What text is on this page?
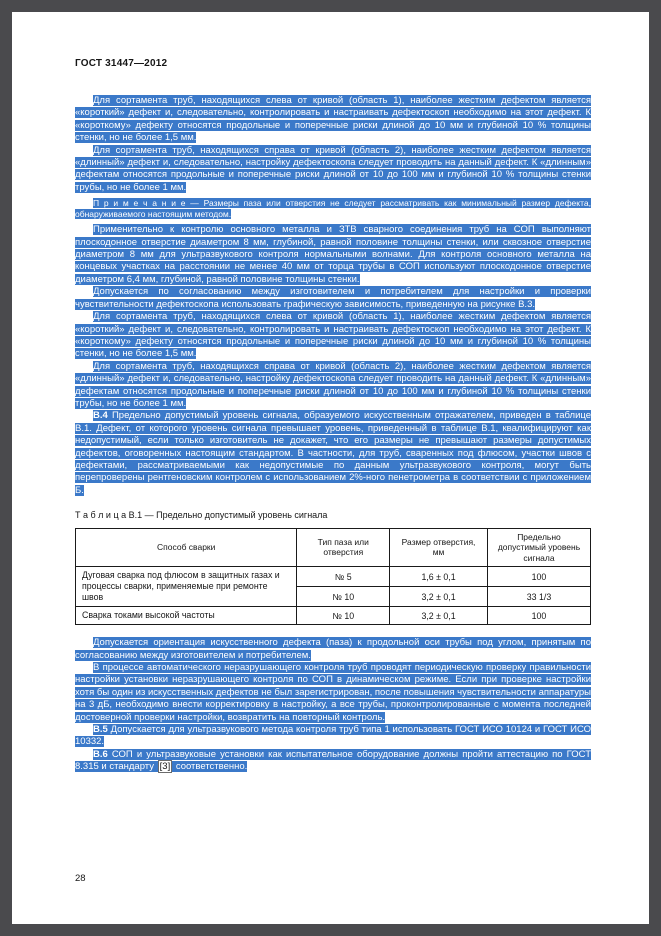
ГОСТ 31447—2012

Для сортамента труб, находящихся слева от кривой (область 1), наиболее жестким дефектом является «короткий» дефект и, следовательно, контролировать и настраивать дефектоскоп необходимо на этот дефект. К «короткому» дефекту относятся продольные и поперечные риски длиной до 10 мм и глубиной 10 % толщины стенки, но не более 1,5 мм.

Для сортамента труб, находящихся справа от кривой (область 2), наиболее жестким дефектом является «длинный» дефект и, следовательно, настройку дефектоскопа следует проводить на данный дефект. К «длинным» дефектам относятся продольные и поперечные риски длиной от 10 до 100 мм и глубиной 10 % толщины стенки трубы, но не более 1 мм.

П р и м е ч а н и е — Размеры паза или отверстия не следует рассматривать как минимальный размер дефекта, обнаруживаемого настоящим методом.

Применительно к контролю основного металла и ЗТВ сварного соединения труб на СОП выполняют плоскодонное отверстие диаметром 8 мм, глубиной, равной половине толщины стенки, или сквозное отверстие диаметром 8 мм для ультразвукового контроля нормальными волнами. Для контроля основного металла на концевых участках на расстоянии не менее 40 мм от торца трубы в СОП используют плоскодонное отверстие диаметром 6,4 мм, глубиной, равной половине толщины стенки.

Допускается по согласованию между изготовителем и потребителем для настройки и проверки чувствительности дефектоскопа использовать графическую зависимость, приведенную на рисунке В.3.

Для сортамента труб, находящихся слева от кривой (область 1), наиболее жестким дефектом является «короткий» дефект и, следовательно, контролировать и настраивать дефектоскоп необходимо на этот дефект. К «короткому» дефекту относятся продольные и поперечные риски длиной до 10 мм и глубиной 10 % толщины стенки, но не более 1,5 мм.

Для сортамента труб, находящихся справа от кривой (область 2), наиболее жестким дефектом является «длинный» дефект и, следовательно, настройку дефектоскопа следует проводить на данный дефект. К «длинным» дефектам относятся продольные и поперечные риски длиной от 10 до 100 мм и глубиной 10 % толщины стенки трубы, но не более 1 мм.

В.4 Предельно допустимый уровень сигнала, образуемого искусственным отражателем, приведен в таблице В.1. Дефект, от которого уровень сигнала превышает уровень, приведенный в таблице В.1, квалифицируют как недопустимый, если только изготовитель не докажет, что его размеры не превышают размеры допустимых дефектов, оговоренных настоящим стандартом. В частности, для труб, сваренных под флюсом, участки швов с дефектами, рассматриваемыми как недопустимые по данным ультразвукового контроля, могут быть перепроверены рентгеновским контролем с использованием 2%-ного пенетрометра в соответствии с приложением Б.

Т а б л и ц а В.1 — Предельно допустимый уровень сигнала

Способ сварки	Тип паза или отверстия	Размер отверстия, мм	Предельно допустимый уровень сигнала
Дуговая сварка под флюсом в защитных газах и процессы сварки, применяемые при ремонте швов	№ 5	1,6 ± 0,1	100
	№ 10	3,2 ± 0,1	33 1/3
Сварка токами высокой частоты	№ 10	3,2 ± 0,1	100

Допускается ориентация искусственного дефекта (паза) к продольной оси трубы под углом, принятым по согласованию между изготовителем и потребителем.

В процессе автоматического неразрушающего контроля труб проводят периодическую проверку правильности настройки установки неразрушающего контроля по СОП в динамическом режиме. Если при проверке настройки хотя бы один из искусственных дефектов не был зарегистрирован, после повышения чувствительности аппаратуры на 3 дБ, необходимо внести корректировку в настройку, а все трубы, проконтролированные с момента последней достоверной проверки настройки, возвратить на повторный контроль.

В.5 Допускается для ультразвукового метода контроля труб типа 1 использовать ГОСТ ИСО 10124 и ГОСТ ИСО 10332.

В.6 СОП и ультразвуковые установки как испытательное оборудование должны пройти аттестацию по ГОСТ 8.315 и стандарту [3] соответственно.

28
